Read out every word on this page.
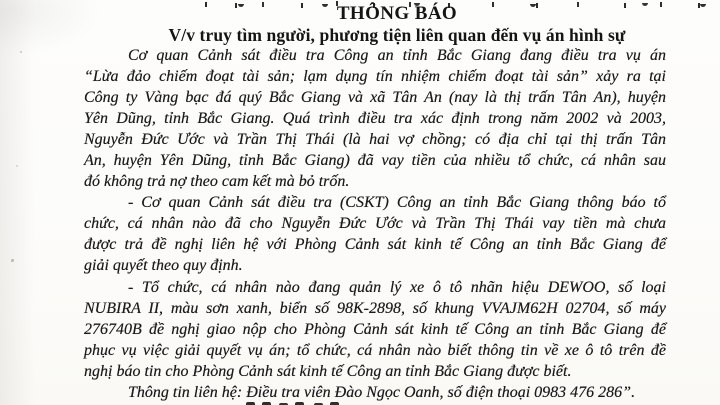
THÔNG BÁO
V/v truy tìm người, phương tiện liên quan đến vụ án hình sự
Cơ quan Cảnh sát điều tra Công an tỉnh Bắc Giang đang điều tra vụ án
“Lừa đảo chiếm đoạt tài sản; lạm dụng tín nhiệm chiếm đoạt tài sản” xảy ra tại
Công ty Vàng bạc đá quý Bắc Giang và xã Tân An (nay là thị trấn Tân An), huyện
Yên Dũng, tỉnh Bắc Giang. Quá trình điều tra xác định trong năm 2002 và 2003,
Nguyễn Đức Ước và Trần Thị Thái (là hai vợ chồng; có địa chỉ tại thị trấn Tân
An, huyện Yên Dũng, tỉnh Bắc Giang) đã vay tiền của nhiều tổ chức, cá nhân sau
đó không trả nợ theo cam kết mà bỏ trốn.
- Cơ quan Cảnh sát điều tra (CSKT) Công an tỉnh Bắc Giang thông báo tổ
chức, cá nhân nào đã cho Nguyễn Đức Ước và Trần Thị Thái vay tiền mà chưa
được trả đề nghị liên hệ với Phòng Cảnh sát kinh tế Công an tỉnh Bắc Giang để
giải quyết theo quy định.
- Tổ chức, cá nhân nào đang quản lý xe ô tô nhãn hiệu DEWOO, số loại
NUBIRA II, màu sơn xanh, biển số 98K-2898, số khung VVAJM62H 02704, số máy
276740B đề nghị giao nộp cho Phòng Cảnh sát kinh tế Công an tỉnh Bắc Giang để
phục vụ việc giải quyết vụ án; tổ chức, cá nhân nào biết thông tin về xe ô tô trên đề
nghị báo tin cho Phòng Cảnh sát kinh tế Công an tỉnh Bắc Giang được biết.
Thông tin liên hệ: Điều tra viên Đào Ngọc Oanh, số điện thoại 0983 476 286”.
